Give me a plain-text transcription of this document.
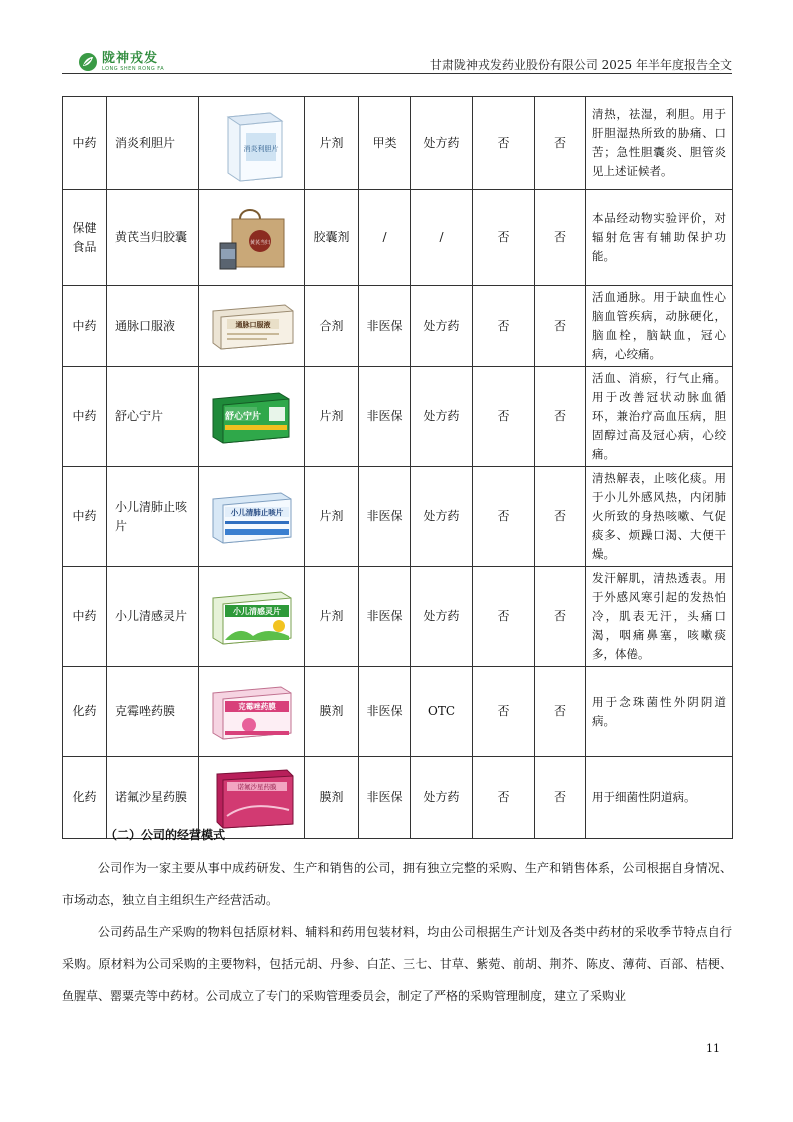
陇神戎发
LONG SHEN RONG FA	甘肃陇神戎发药业股份有限公司 2025 年半年度报告全文
中药	消炎利胆片	消炎利胆片	片剂	甲类	处方药	否	否	清热，祛湿，利胆。用于肝胆湿热所致的胁痛、口苦；急性胆囊炎、胆管炎见上述证候者。
保健食品	黄芪当归胶囊	黄芪当归	胶囊剂	/	/	否	否	本品经动物实验评价，对辐射危害有辅助保护功能。
中药	通脉口服液	通脉口服液	合剂	非医保	处方药	否	否	活血通脉。用于缺血性心脑血管疾病，动脉硬化，脑血栓，脑缺血，冠心病，心绞痛。
中药	舒心宁片	舒心宁片	片剂	非医保	处方药	否	否	活血、消瘀，行气止痛。用于改善冠状动脉血循环，兼治疗高血压病，胆固醇过高及冠心病，心绞痛。
中药	小儿清肺止咳片	小儿清肺止咳片	片剂	非医保	处方药	否	否	清热解表，止咳化痰。用于小儿外感风热，内闭肺火所致的身热咳嗽、气促痰多、烦躁口渴、大便干燥。
中药	小儿清感灵片	小儿清感灵片	片剂	非医保	处方药	否	否	发汗解肌，清热透表。用于外感风寒引起的发热怕冷，肌表无汗，头痛口渴，咽痛鼻塞，咳嗽痰多，体倦。
化药	克霉唑药膜	克霉唑药膜	膜剂	非医保	OTC	否	否	用于念珠菌性外阴阴道病。
化药	诺氟沙星药膜	诺氟沙星药膜	膜剂	非医保	处方药	否	否	用于细菌性阴道病。
（二）公司的经营模式

公司作为一家主要从事中成药研发、生产和销售的公司，拥有独立完整的采购、生产和销售体系，公司根据自身情况、市场动态，独立自主组织生产经营活动。

公司药品生产采购的物料包括原材料、辅料和药用包装材料，均由公司根据生产计划及各类中药材的采收季节特点自行采购。原材料为公司采购的主要物料，包括元胡、丹参、白芷、三七、甘草、紫菀、前胡、荆芥、陈皮、薄荷、百部、桔梗、鱼腥草、罂粟壳等中药材。公司成立了专门的采购管理委员会，制定了严格的采购管理制度，建立了采购业

11
